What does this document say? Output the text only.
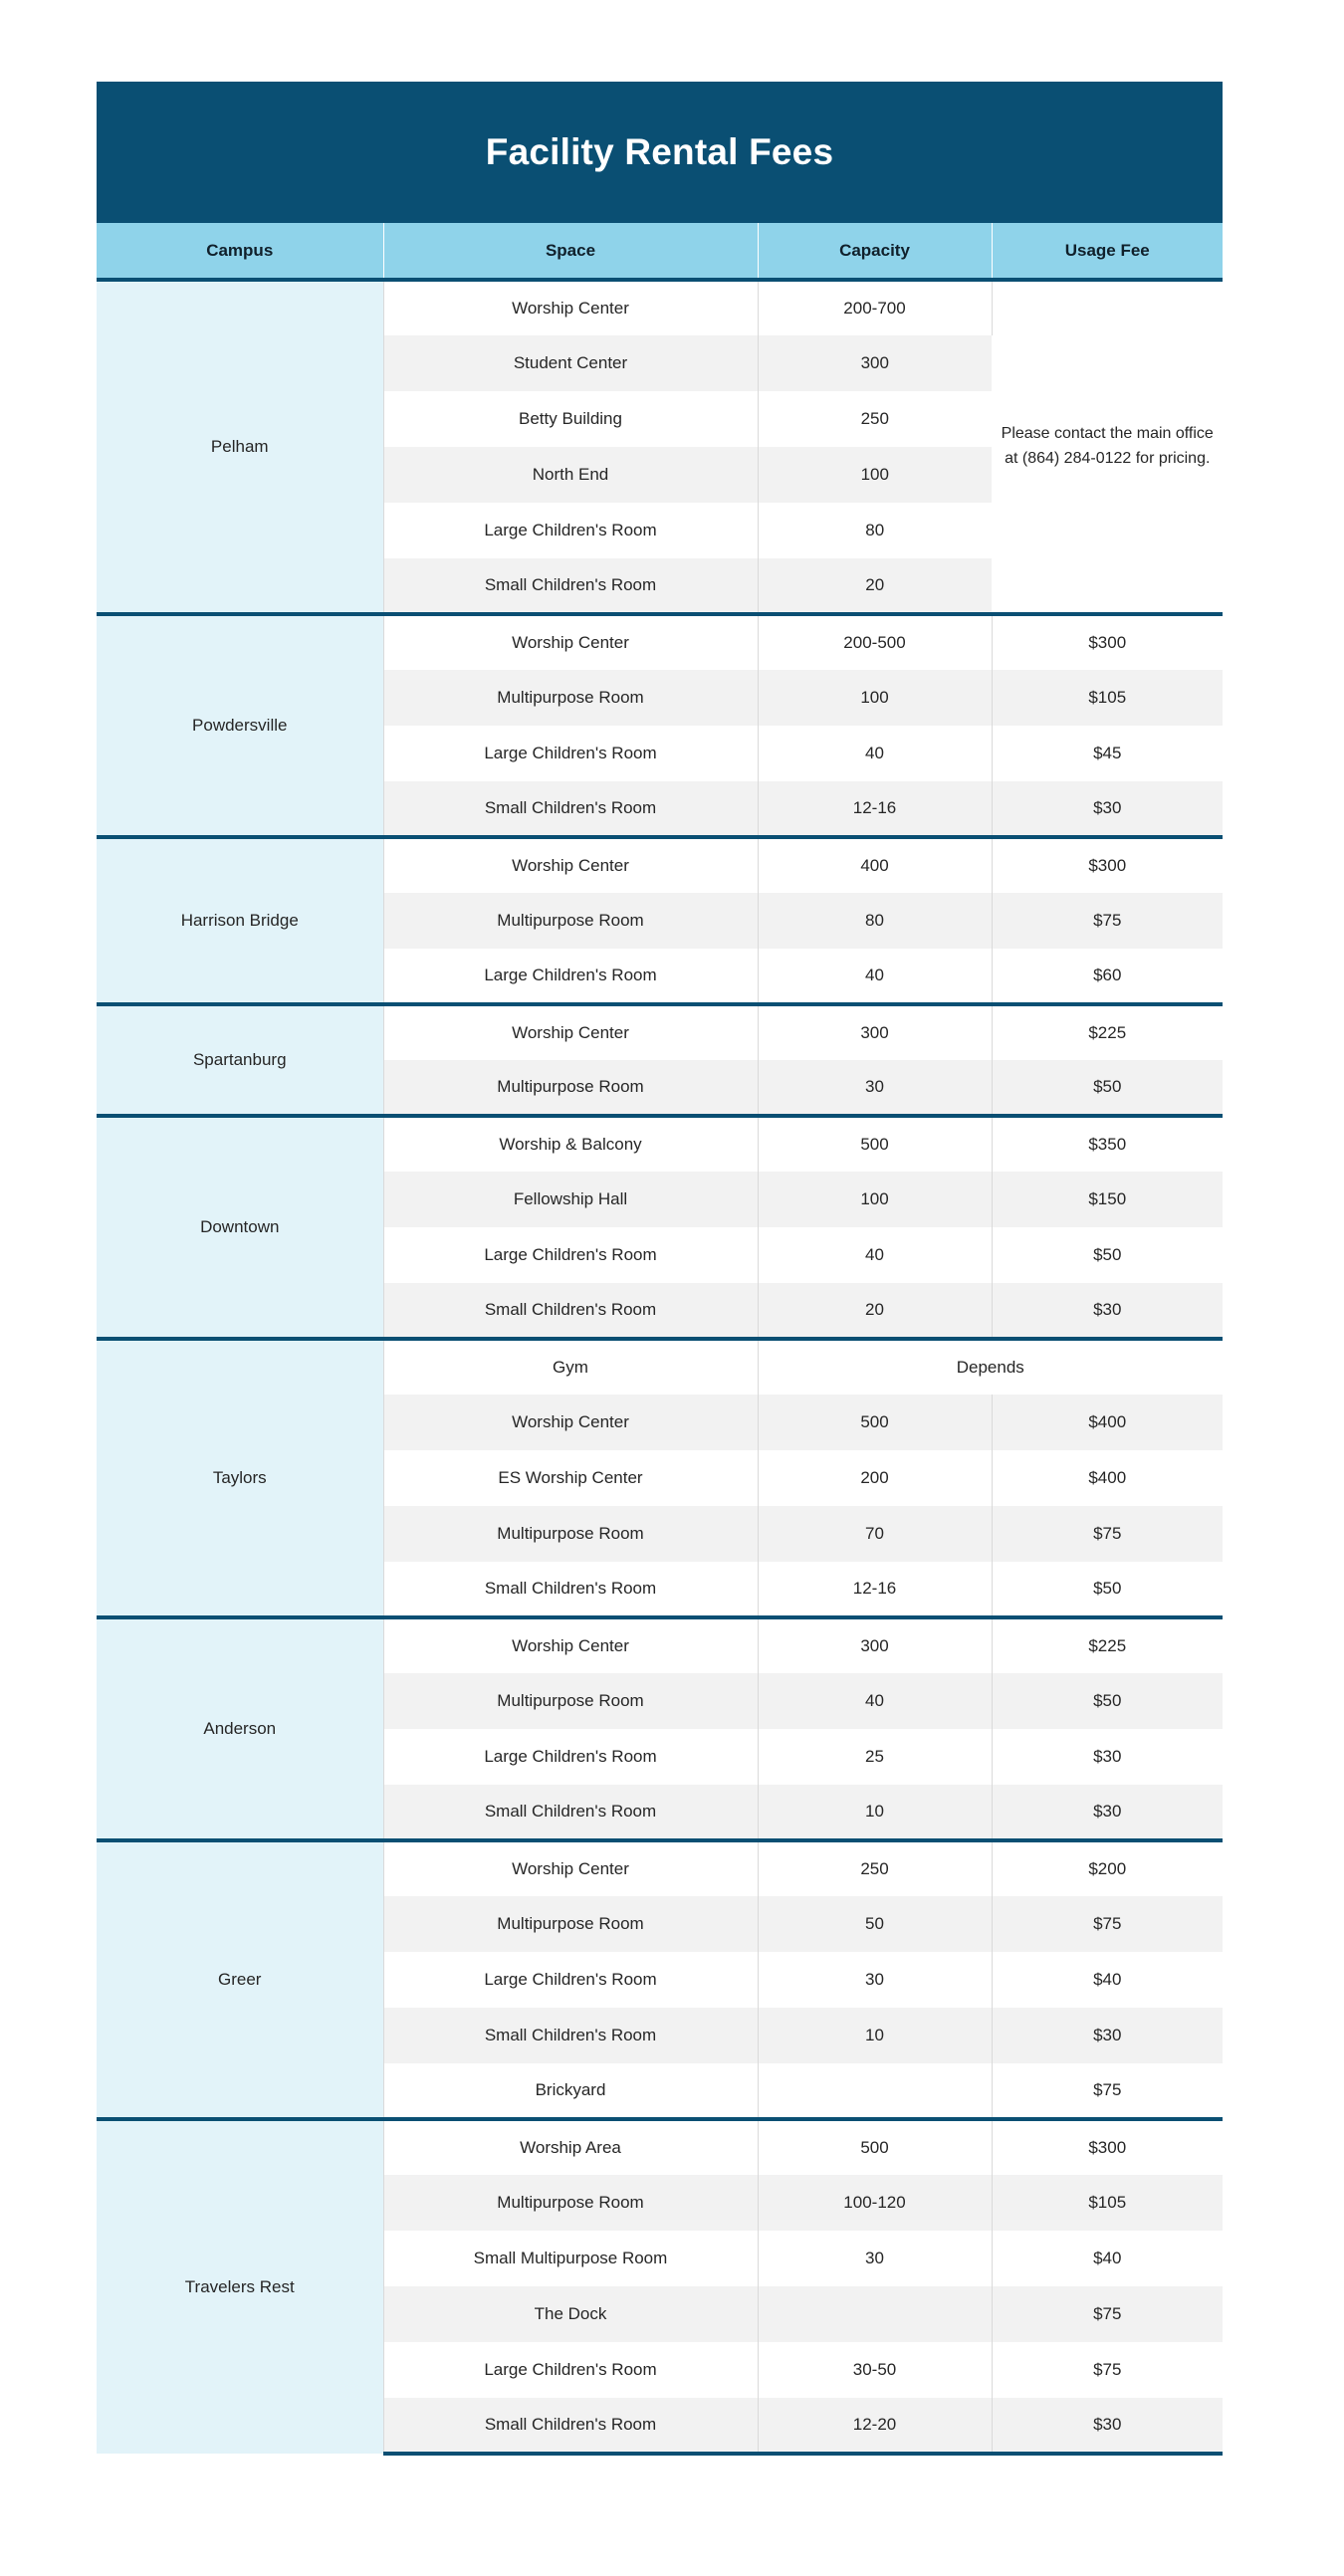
Facility Rental Fees
Campus	Space	Capacity	Usage Fee
Pelham	Worship Center	200-700	Please contact the main office at (864) 284-0122 for pricing.
	Student Center	300	
	Betty Building	250	
	North End	100	
	Large Children's Room	80	
	Small Children's Room	20	
Powdersville	Worship Center	200-500	$300
	Multipurpose Room	100	$105
	Large Children's Room	40	$45
	Small Children's Room	12-16	$30
Harrison Bridge	Worship Center	400	$300
	Multipurpose Room	80	$75
	Large Children's Room	40	$60
Spartanburg	Worship Center	300	$225
	Multipurpose Room	30	$50
Downtown	Worship & Balcony	500	$350
	Fellowship Hall	100	$150
	Large Children's Room	40	$50
	Small Children's Room	20	$30
Taylors	Gym	Depends	
	Worship Center	500	$400
	ES Worship Center	200	$400
	Multipurpose Room	70	$75
	Small Children's Room	12-16	$50
Anderson	Worship Center	300	$225
	Multipurpose Room	40	$50
	Large Children's Room	25	$30
	Small Children's Room	10	$30
Greer	Worship Center	250	$200
	Multipurpose Room	50	$75
	Large Children's Room	30	$40
	Small Children's Room	10	$30
	Brickyard		$75
Travelers Rest	Worship Area	500	$300
	Multipurpose Room	100-120	$105
	Small Multipurpose Room	30	$40
	The Dock		$75
	Large Children's Room	30-50	$75
	Small Children's Room	12-20	$30
